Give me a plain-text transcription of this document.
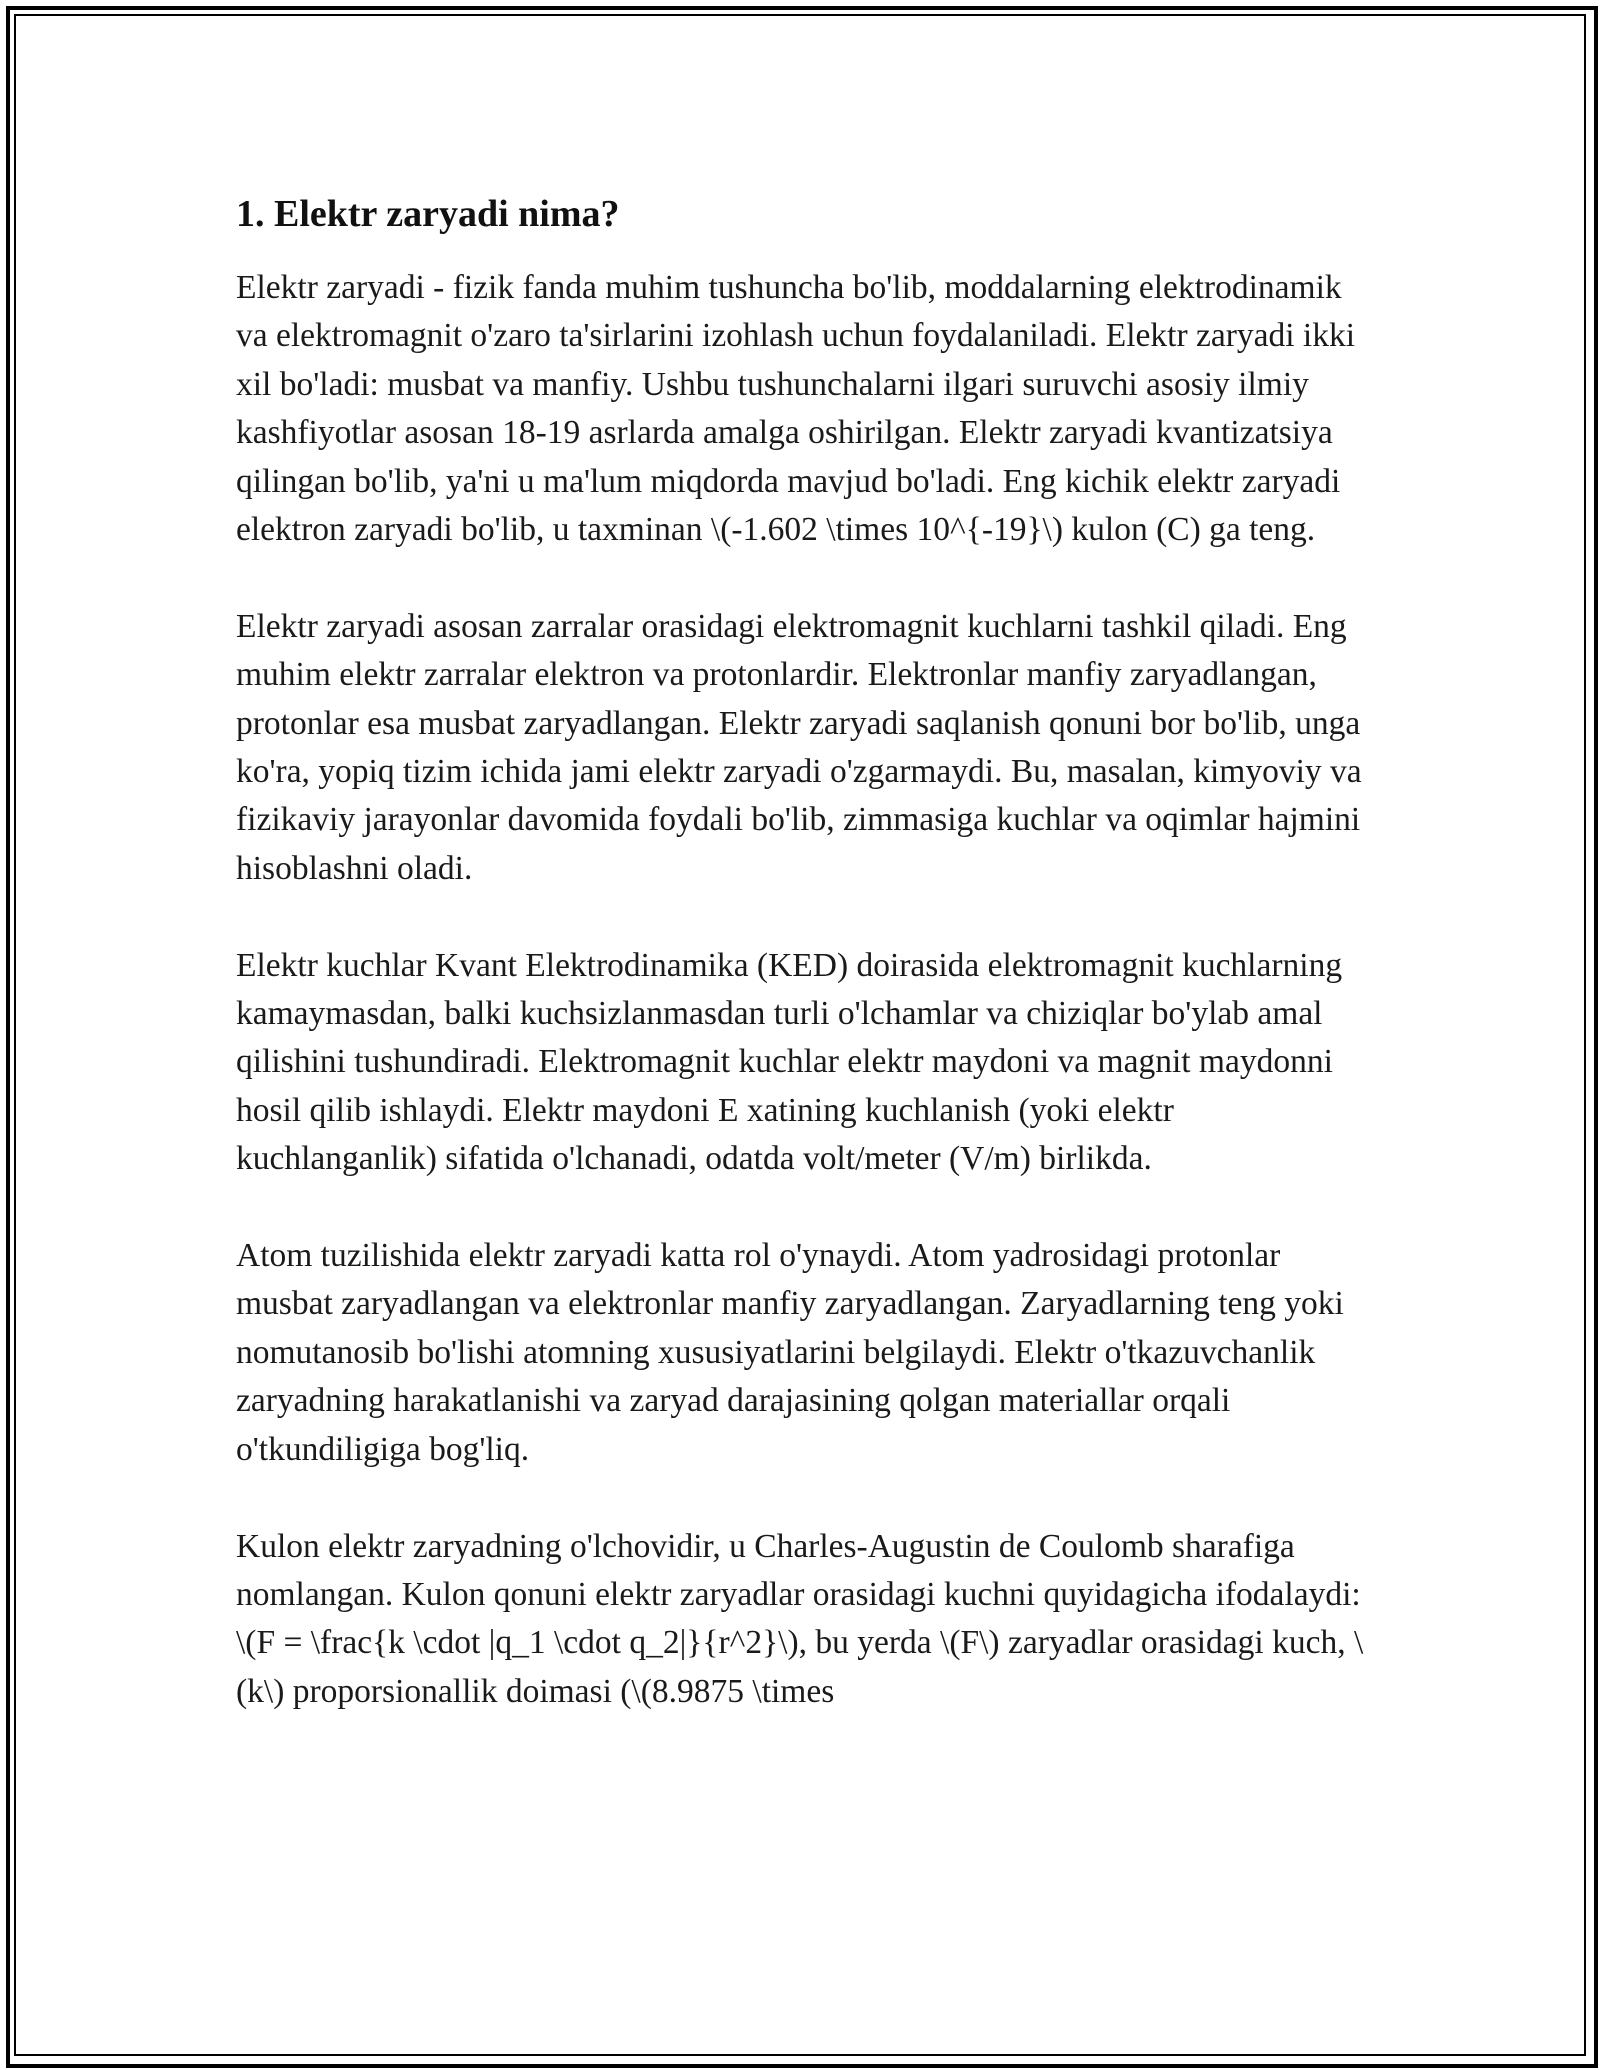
1. Elektr zaryadi nima?

Elektr zaryadi - fizik fanda muhim tushuncha bo'lib, moddalarning elektrodinamik va elektromagnit o'zaro ta'sirlarini izohlash uchun foydalaniladi. Elektr zaryadi ikki xil bo'ladi: musbat va manfiy. Ushbu tushunchalarni ilgari suruvchi asosiy ilmiy kashfiyotlar asosan 18-19 asrlarda amalga oshirilgan. Elektr zaryadi kvantizatsiya qilingan bo'lib, ya'ni u ma'lum miqdorda mavjud bo'ladi. Eng kichik elektr zaryadi elektron zaryadi bo'lib, u taxminan \(-1.602 \times 10^{-19}\) kulon (C) ga teng.

Elektr zaryadi asosan zarralar orasidagi elektromagnit kuchlarni tashkil qiladi. Eng muhim elektr zarralar elektron va protonlardir. Elektronlar manfiy zaryadlangan, protonlar esa musbat zaryadlangan. Elektr zaryadi saqlanish qonuni bor bo'lib, unga ko'ra, yopiq tizim ichida jami elektr zaryadi o'zgarmaydi. Bu, masalan, kimyoviy va fizikaviy jarayonlar davomida foydali bo'lib, zimmasiga kuchlar va oqimlar hajmini hisoblashni oladi.

Elektr kuchlar Kvant Elektrodinamika (KED) doirasida elektromagnit kuchlarning kamaymasdan, balki kuchsizlanmasdan turli o'lchamlar va chiziqlar bo'ylab amal qilishini tushundiradi. Elektromagnit kuchlar elektr maydoni va magnit maydonni hosil qilib ishlaydi. Elektr maydoni E xatining kuchlanish (yoki elektr kuchlanganlik) sifatida o'lchanadi, odatda volt/meter (V/m) birlikda.

Atom tuzilishida elektr zaryadi katta rol o'ynaydi. Atom yadrosidagi protonlar musbat zaryadlangan va elektronlar manfiy zaryadlangan. Zaryadlarning teng yoki nomutanosib bo'lishi atomning xususiyatlarini belgilaydi. Elektr o'tkazuvchanlik zaryadning harakatlanishi va zaryad darajasining qolgan materiallar orqali o'tkundiligiga bog'liq.

Kulon elektr zaryadning o'lchovidir, u Charles-Augustin de Coulomb sharafiga nomlangan. Kulon qonuni elektr zaryadlar orasidagi kuchni quyidagicha ifodalaydi: \(F = \frac{k \cdot |q_1 \cdot q_2|}{r^2}\), bu yerda \(F\) zaryadlar orasidagi kuch, \(k\) proporsionallik doimasi (\(8.9875 \times
